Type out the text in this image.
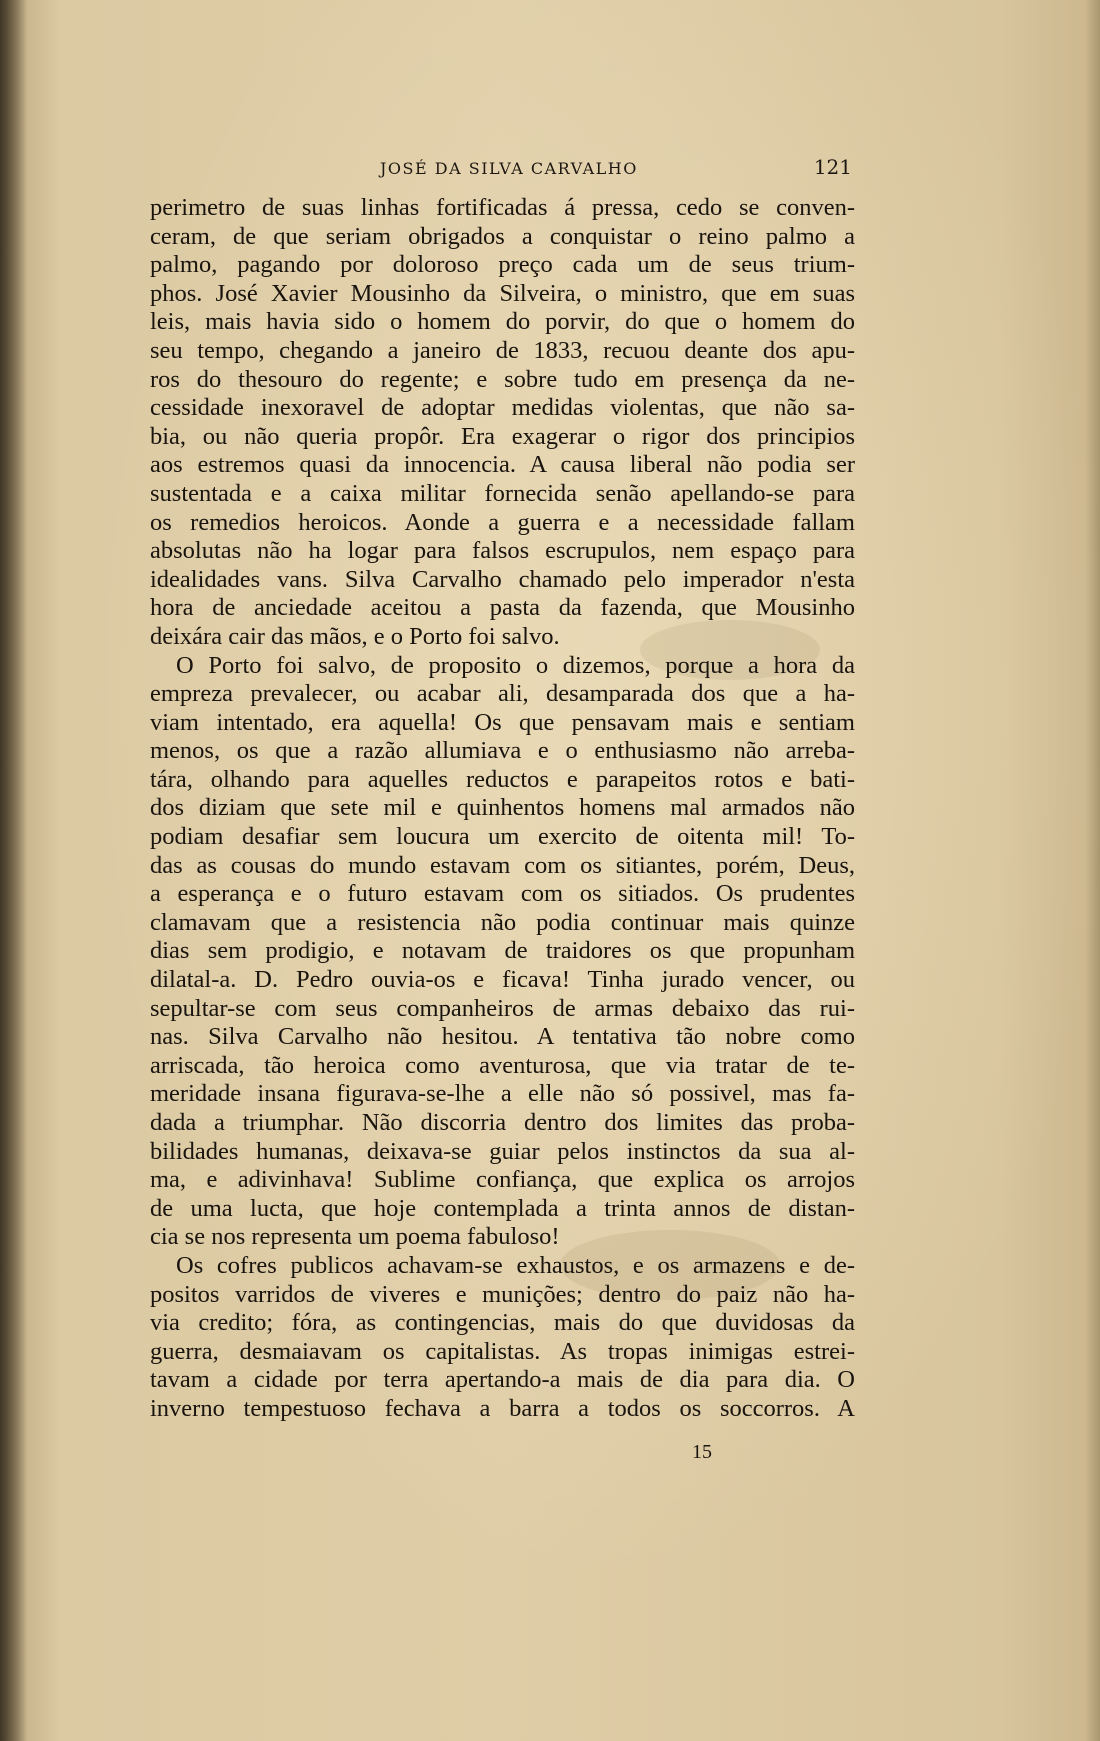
JOSÉ DA SILVA CARVALHO	121
perimetro de suas linhas fortificadas á pressa, cedo se conven-
ceram, de que seriam obrigados a conquistar o reino palmo a
palmo, pagando por doloroso preço cada um de seus trium-
phos. José Xavier Mousinho da Silveira, o ministro, que em suas
leis, mais havia sido o homem do porvir, do que o homem do
seu tempo, chegando a janeiro de 1833, recuou deante dos apu-
ros do thesouro do regente; e sobre tudo em presença da ne-
cessidade inexoravel de adoptar medidas violentas, que não sa-
bia, ou não queria propôr. Era exagerar o rigor dos principios
aos estremos quasi da innocencia. A causa liberal não podia ser
sustentada e a caixa militar fornecida senão apellando-se para
os remedios heroicos. Aonde a guerra e a necessidade fallam
absolutas não ha logar para falsos escrupulos, nem espaço para
idealidades vans. Silva Carvalho chamado pelo imperador n'esta
hora de anciedade aceitou a pasta da fazenda, que Mousinho
deixára cair das mãos, e o Porto foi salvo.
O Porto foi salvo, de proposito o dizemos, porque a hora da
empreza prevalecer, ou acabar ali, desamparada dos que a ha-
viam intentado, era aquella! Os que pensavam mais e sentiam
menos, os que a razão allumiava e o enthusiasmo não arreba-
tára, olhando para aquelles reductos e parapeitos rotos e bati-
dos diziam que sete mil e quinhentos homens mal armados não
podiam desafiar sem loucura um exercito de oitenta mil! To-
das as cousas do mundo estavam com os sitiantes, porém, Deus,
a esperança e o futuro estavam com os sitiados. Os prudentes
clamavam que a resistencia não podia continuar mais quinze
dias sem prodigio, e notavam de traidores os que propunham
dilatal-a. D. Pedro ouvia-os e ficava! Tinha jurado vencer, ou
sepultar-se com seus companheiros de armas debaixo das rui-
nas. Silva Carvalho não hesitou. A tentativa tão nobre como
arriscada, tão heroica como aventurosa, que via tratar de te-
meridade insana figurava-se-lhe a elle não só possivel, mas fa-
dada a triumphar. Não discorria dentro dos limites das proba-
bilidades humanas, deixava-se guiar pelos instinctos da sua al-
ma, e adivinhava! Sublime confiança, que explica os arrojos
de uma lucta, que hoje contemplada a trinta annos de distan-
cia se nos representa um poema fabuloso!
Os cofres publicos achavam-se exhaustos, e os armazens e de-
positos varridos de viveres e munições; dentro do paiz não ha-
via credito; fóra, as contingencias, mais do que duvidosas da
guerra, desmaiavam os capitalistas. As tropas inimigas estrei-
tavam a cidade por terra apertando-a mais de dia para dia. O
inverno tempestuoso fechava a barra a todos os soccorros. A
15
